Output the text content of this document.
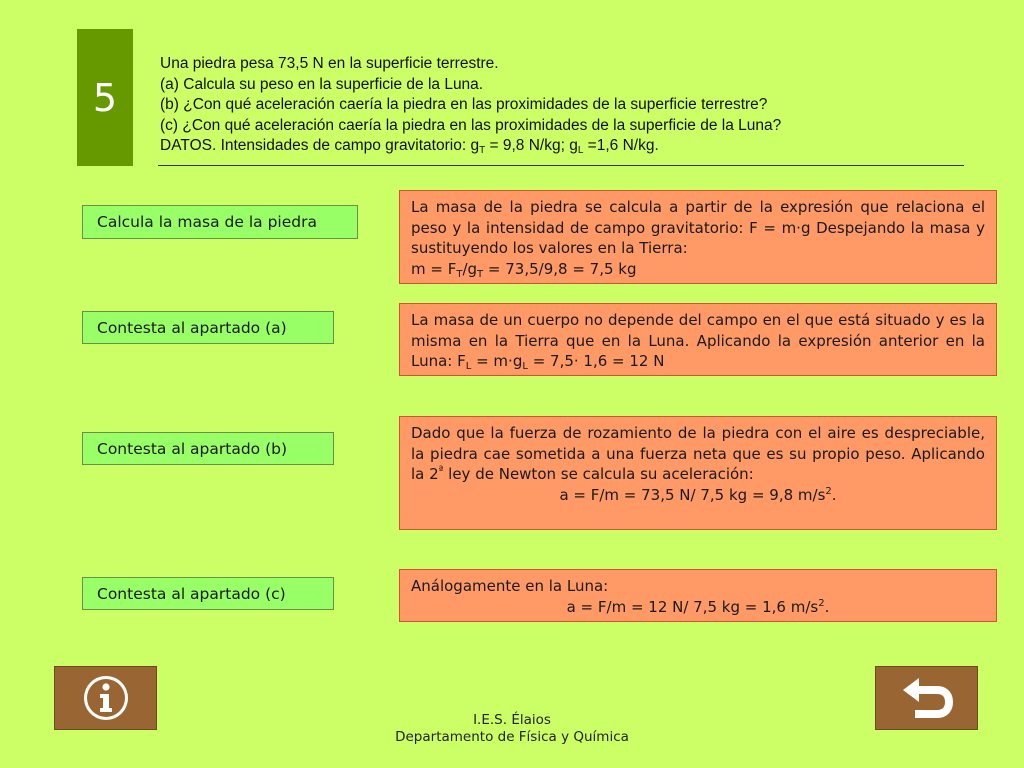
5
Una piedra pesa 73,5 N en la superficie terrestre.
(a) Calcula su peso en la superficie de la Luna.
(b) ¿Con qué aceleración caería la piedra en las proximidades de la superficie terrestre?
(c) ¿Con qué aceleración caería la piedra en las proximidades de la superficie de la Luna?
DATOS. Intensidades de campo gravitatorio: $g_T = 9,8$ N/kg; $g_L =1,6$ N/kg.
Calcula la masa de la piedra
Contesta al apartado (a)
Contesta al apartado (b)
Contesta al apartado (c)
La masa de la piedra se calcula a partir de la expresión que relaciona el peso y la intensidad de campo gravitatorio: F = m·g Despejando la masa y sustituyendo los valores en la Tierra:
$m = F_T/g_T = 73,5/9,8 = 7,5$ kg
La masa de un cuerpo no depende del campo en el que está situado y es la misma en la Tierra que en la Luna. Aplicando la expresión anterior en la Luna: $F_L = m\cdot g_L = 7,5\cdot 1,6 = 12$ N
Dado que la fuerza de rozamiento de la piedra con el aire es despreciable, la piedra cae sometida a una fuerza neta que es su propio peso. Aplicando la $2^ª$ ley de Newton se calcula su aceleración:
a = F/m = 73,5 N/ 7,5 kg = 9,8 $m/s^2$.
Análogamente en la Luna:
a = F/m = 12 N/ 7,5 kg = 1,6 $m/s^2$.
I.E.S. Élaios
Departamento de Física y Química
